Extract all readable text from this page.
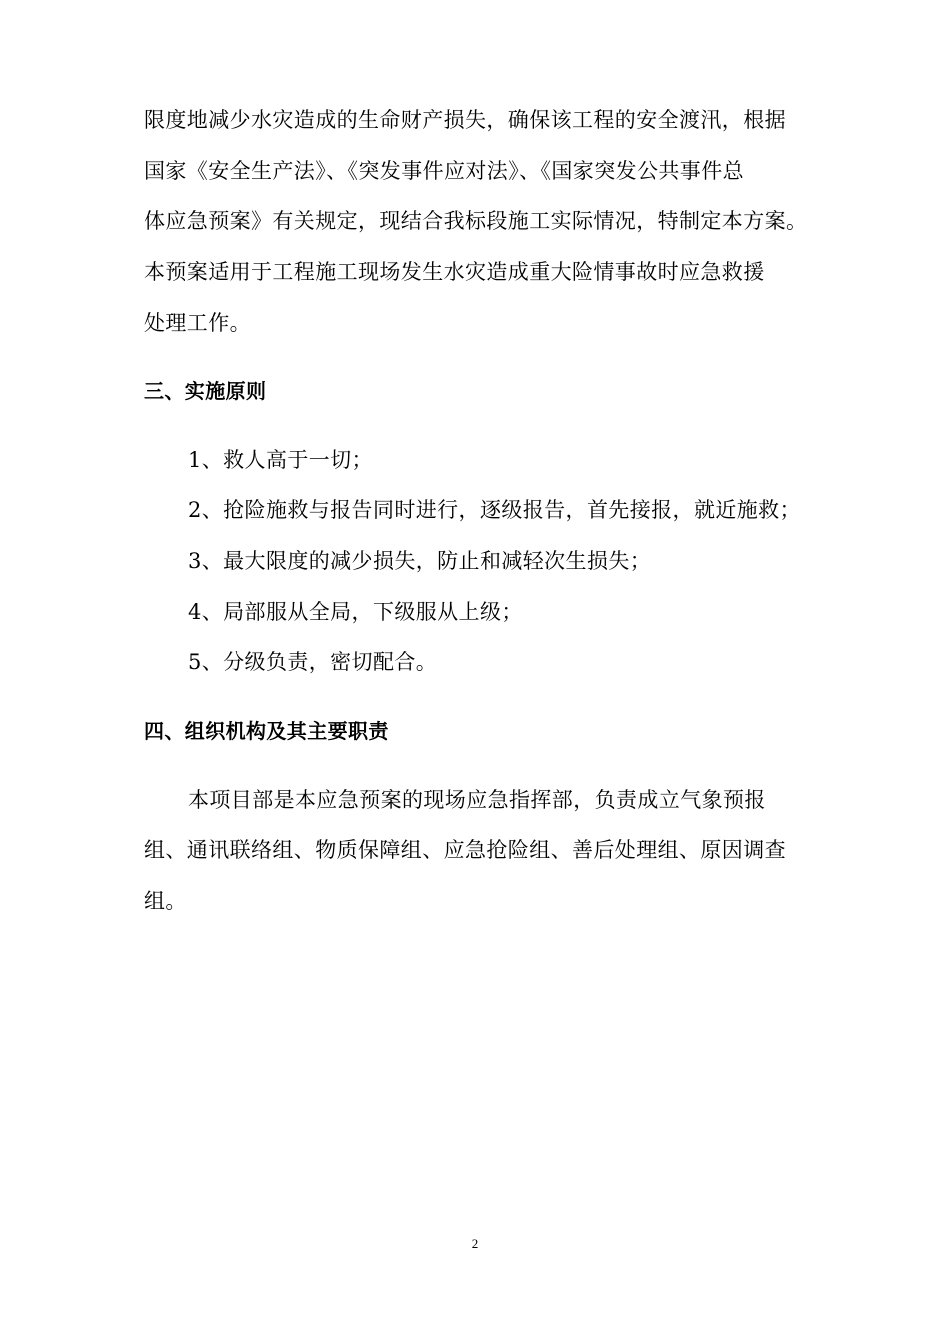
限度地减少水灾造成的生命财产损失，确保该工程的安全渡汛，根据
国家《安全生产法》、《突发事件应对法》、《国家突发公共事件总
体应急预案》有关规定，现结合我标段施工实际情况，特制定本方案。
本预案适用于工程施工现场发生水灾造成重大险情事故时应急救援
处理工作。
三、实施原则
1、救人高于一切；
2、抢险施救与报告同时进行，逐级报告，首先接报，就近施救；
3、最大限度的减少损失，防止和减轻次生损失；
4、局部服从全局，下级服从上级；
5、分级负责，密切配合。
四、组织机构及其主要职责
本项目部是本应急预案的现场应急指挥部，负责成立气象预报
组、通讯联络组、物质保障组、应急抢险组、善后处理组、原因调查
组。
2
